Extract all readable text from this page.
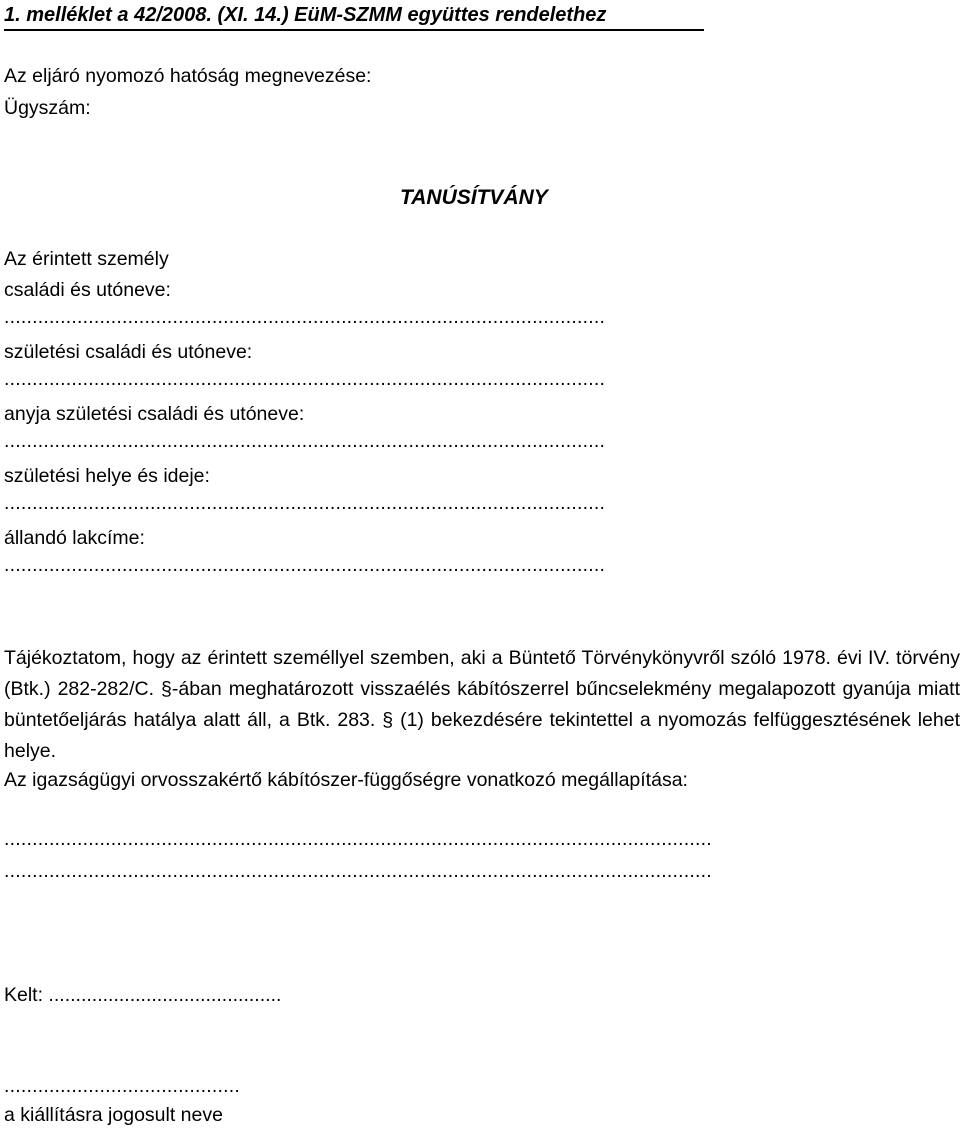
1. melléklet a 42/2008. (XI. 14.) EüM-SZMM együttes rendelethez
Az eljáró nyomozó hatóság megnevezése:
Ügyszám:
TANÚSÍTVÁNY
Az érintett személy
családi és utóneve:
...........................................................................................................
születési családi és utóneve:
...........................................................................................................
anyja születési családi és utóneve:
...........................................................................................................
születési helye és ideje:
...........................................................................................................
állandó lakcíme:
...........................................................................................................
Tájékoztatom, hogy az érintett személlyel szemben, aki a Büntető Törvénykönyvről szóló 1978. évi IV. törvény (Btk.) 282-282/C. §-ában meghatározott visszaélés kábítószerrel bűncselekmény megalapozott gyanúja miatt büntetőeljárás hatálya alatt áll, a Btk. 283. § (1) bekezdésére tekintettel a nyomozás felfüggesztésének lehet helye.
Az igazságügyi orvosszakértő kábítószer-függőségre vonatkozó megállapítása:
..............................................................................................................................
..............................................................................................................................
Kelt: ...........................................
..........................................
a kiállításra jogosult neve
